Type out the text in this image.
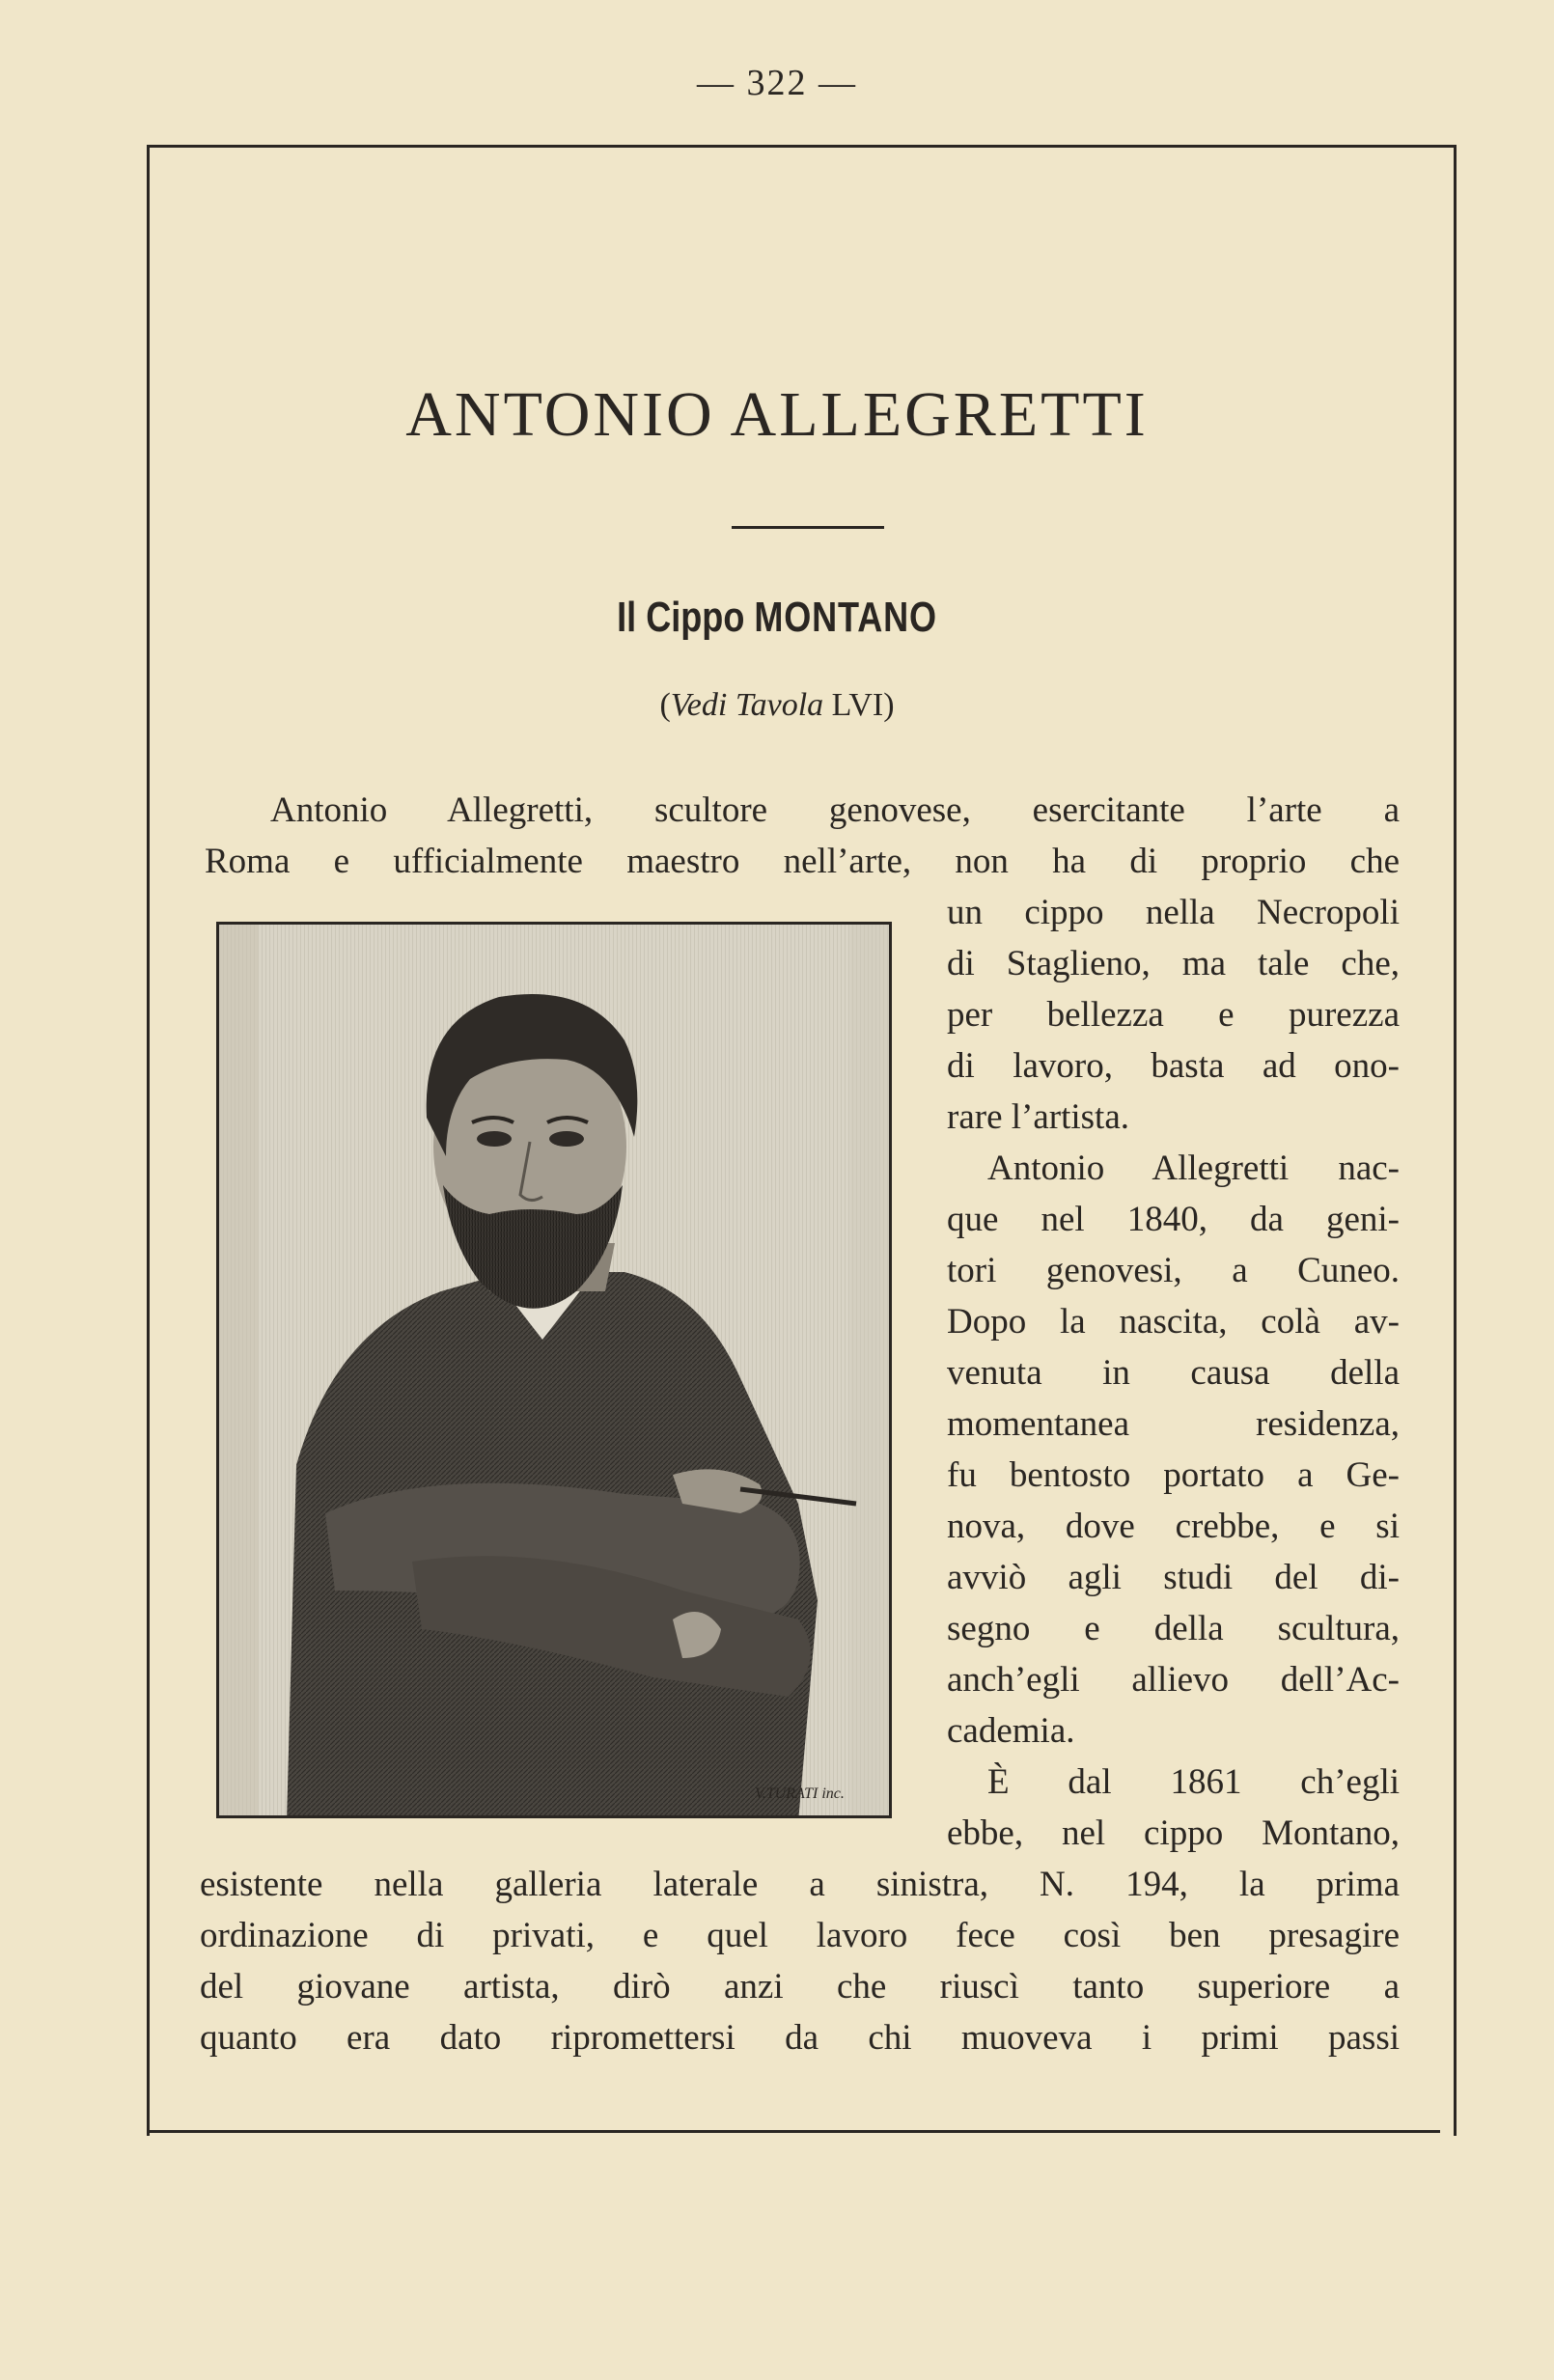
— 322 —
ANTONIO ALLEGRETTI
Il Cippo MONTANO
(Vedi Tavola LVI)
V.TURATI inc.
Antonio Allegretti, scultore genovese, esercitante l’arte a
Roma e ufficialmente maestro nell’arte, non ha di proprio che
un cippo nella Necropoli
di Staglieno, ma tale che,
per bellezza e purezza
di lavoro, basta ad ono-
rare l’artista.
Antonio Allegretti nac-
que nel 1840, da geni-
tori genovesi, a Cuneo.
Dopo la nascita, colà av-
venuta in causa della
momentanea residenza,
fu bentosto portato a Ge-
nova, dove crebbe, e si
avviò agli studi del di-
segno e della scultura,
anch’egli allievo dell’Ac-
cademia.
È dal 1861 ch’egli
ebbe, nel cippo Montano,
esistente nella galleria laterale a sinistra, N. 194, la prima
ordinazione di privati, e quel lavoro fece così ben presagire
del giovane artista, dirò anzi che riuscì tanto superiore a
quanto era dato ripromettersi da chi muoveva i primi passi
